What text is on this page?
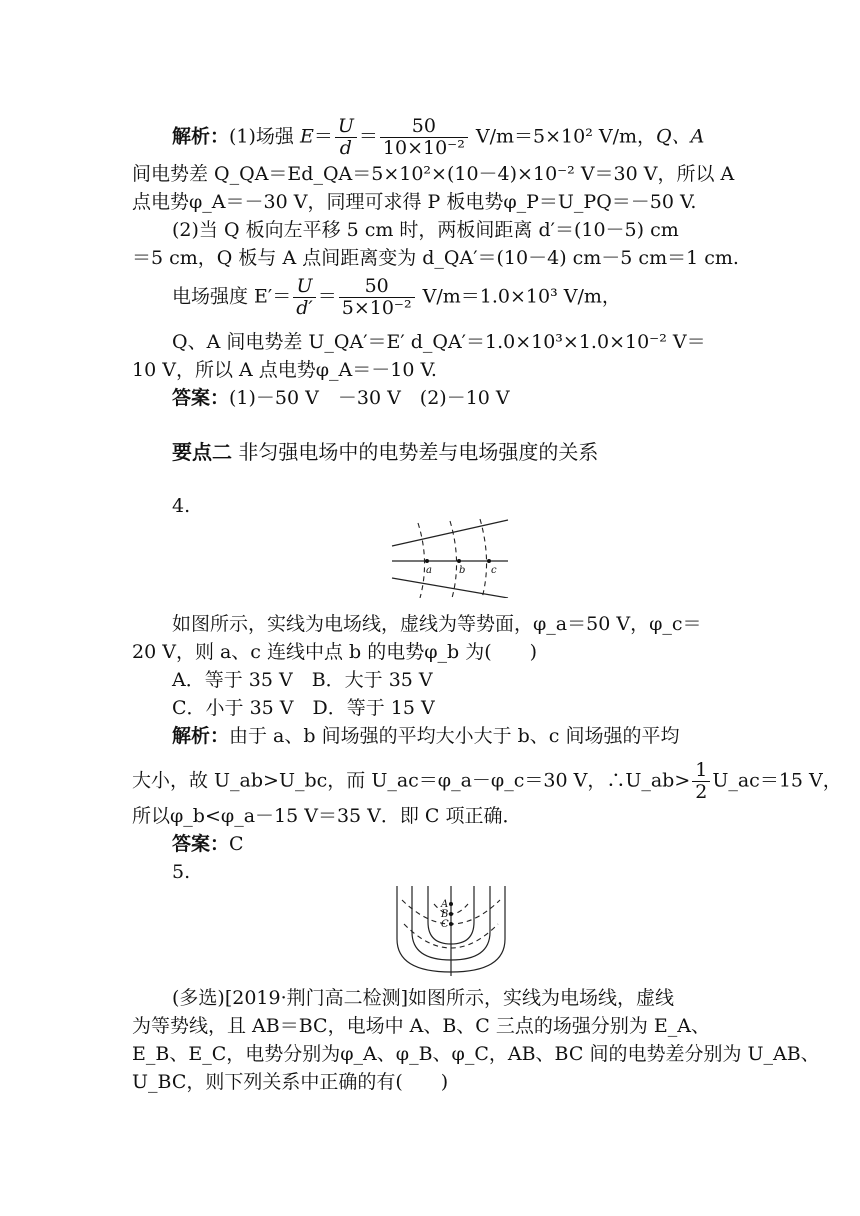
解析：(1)场强 $E= \frac{U}{d} = \frac{50}{\text{10×10⁻²}} V/m=5\times 10^2$ V/m，Q、A
间电势差 Q_QA＝Ed_QA＝5×10²×(10－4)×10⁻² V＝30 V，所以 A
点电势φ_A＝－30 V，同理可求得 P 板电势φ_P＝U_PQ＝－50 V.
(2)当 Q 板向左平移 5 cm 时，两板间距离 d′＝(10－5) cm
＝5 cm，Q 板与 A 点间距离变为 d_QA′＝(10－4) cm－5 cm＝1 cm.
电场强度 $E'= \frac{U}{d'} = \frac{50}{\text{5×10⁻²}} V/m=1.0\times 10^3$ V/m，
Q、A 间电势差 U_QA′＝E′ d_QA′＝1.0×10³×1.0×10⁻² V＝
10 V，所以 A 点电势φ_A＝－10 V.
答案：(1)－50 V　－30 V　(2)－10 V
要点二 非匀强电场中的电势差与电场强度的关系
4.
a	b	c
如图所示，实线为电场线，虚线为等势面，φ_a＝50 V，φ_c＝
20 V，则 a、c 连线中点 b 的电势φ_b 为(　　)
A．等于 35 V　 B．大于 35 V
C．小于 35 V　 D．等于 15 V
解析：由于 a、b 间场强的平均大小大于 b、c 间场强的平均
大小，故 U_ab>U_bc，而 U_ac＝φ_a－φ_c＝30 V，∴U_ab> $\frac{1}{2}$ U_ac＝15 V，
所以φ_b<φ_a－15 V＝35 V．即 C 项正确．
答案：C
5.
A
B
C
(多选)[2019·荆门高二检测]如图所示，实线为电场线，虚线
为等势线，且 AB＝BC，电场中 A、B、C 三点的场强分别为 E_A、
E_B、E_C，电势分别为φ_A、φ_B、φ_C，AB、BC 间的电势差分别为 U_AB、
U_BC，则下列关系中正确的有(　　)
